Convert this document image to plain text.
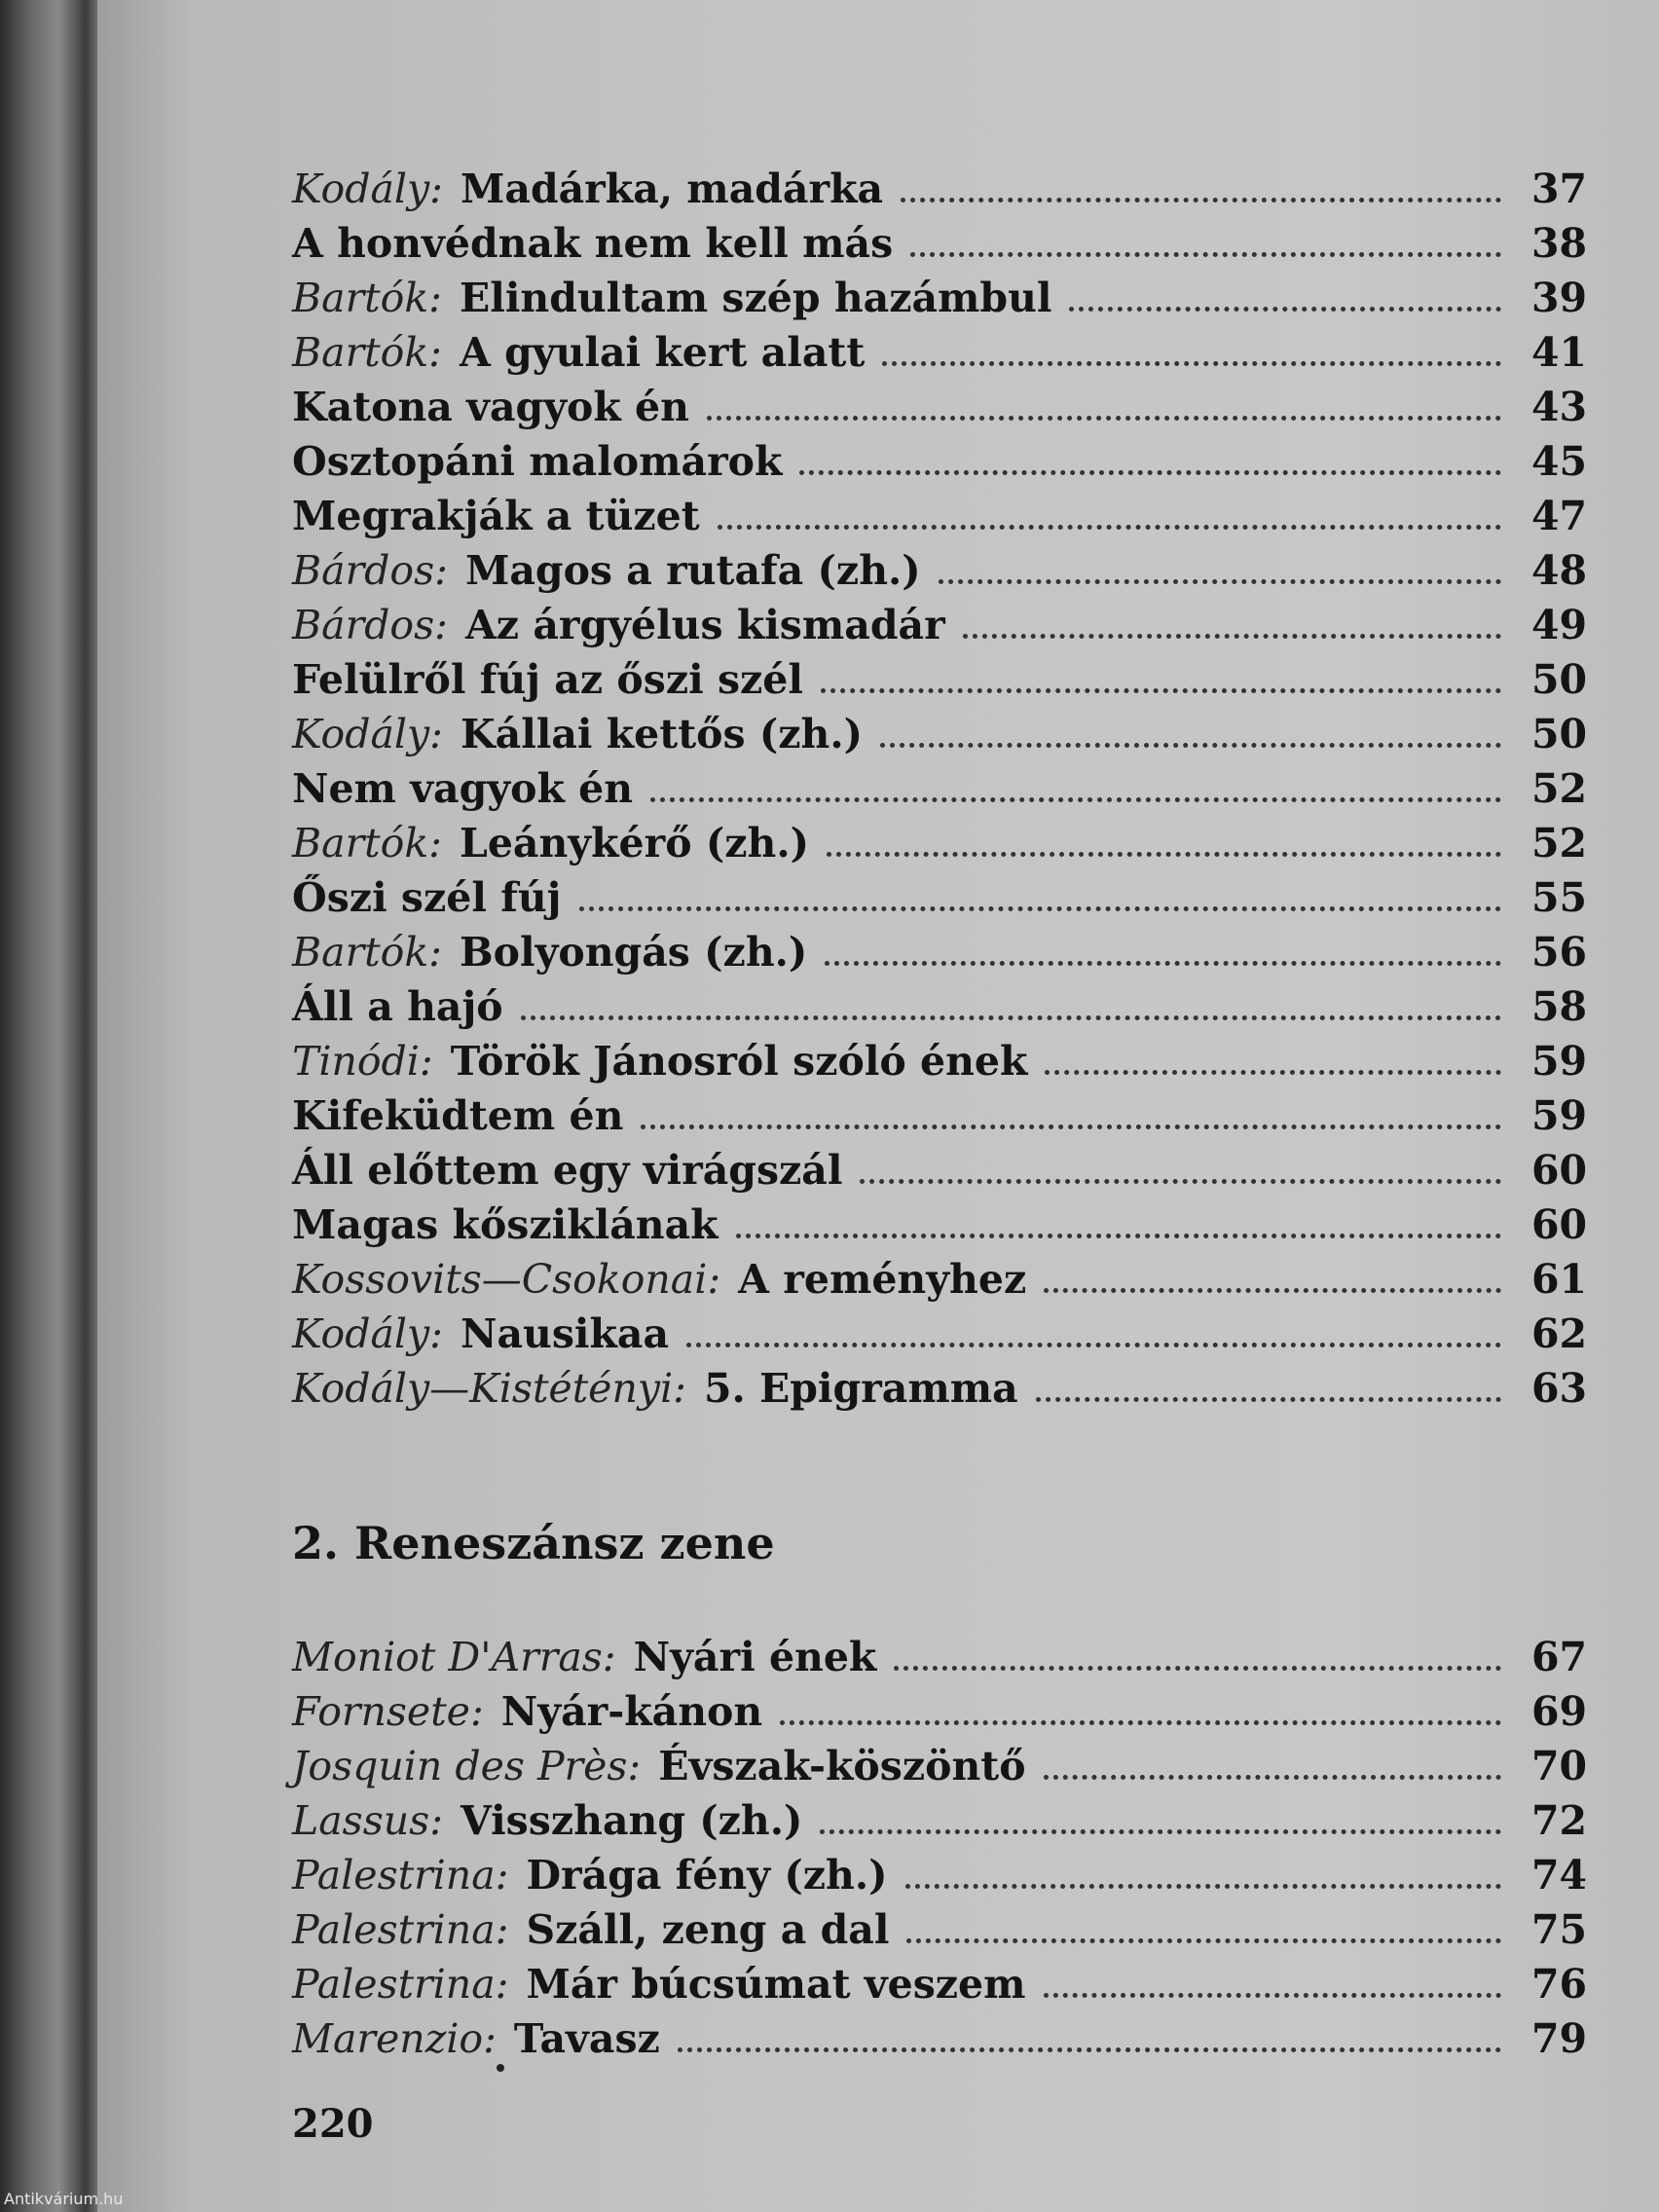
Kodály: Madárka, madárka	37
A honvédnak nem kell más	38
Bartók: Elindultam szép hazámbul	39
Bartók: A gyulai kert alatt	41
Katona vagyok én	43
Osztopáni malomárok	45
Megrakják a tüzet	47
Bárdos: Magos a rutafa (zh.)	48
Bárdos: Az árgyélus kismadár	49
Felülről fúj az őszi szél	50
Kodály: Kállai kettős (zh.)	50
Nem vagyok én	52
Bartók: Leánykérő (zh.)	52
Őszi szél fúj	55
Bartók: Bolyongás (zh.)	56
Áll a hajó	58
Tinódi: Török Jánosról szóló ének	59
Kifeküdtem én	59
Áll előttem egy virágszál	60
Magas kősziklának	60
Kossovits—Csokonai: A reményhez	61
Kodály: Nausikaa	62
Kodály—Kistétényi: 5. Epigramma	63
2. Reneszánsz zene
Moniot D'Arras: Nyári ének	67
Fornsete: Nyár-kánon	69
Josquin des Près: Évszak-köszöntő	70
Lassus: Visszhang (zh.)	72
Palestrina: Drága fény (zh.)	74
Palestrina: Száll, zeng a dal	75
Palestrina: Már búcsúmat veszem	76
Marenzio: Tavasz	79
220
Antikvárium.hu
